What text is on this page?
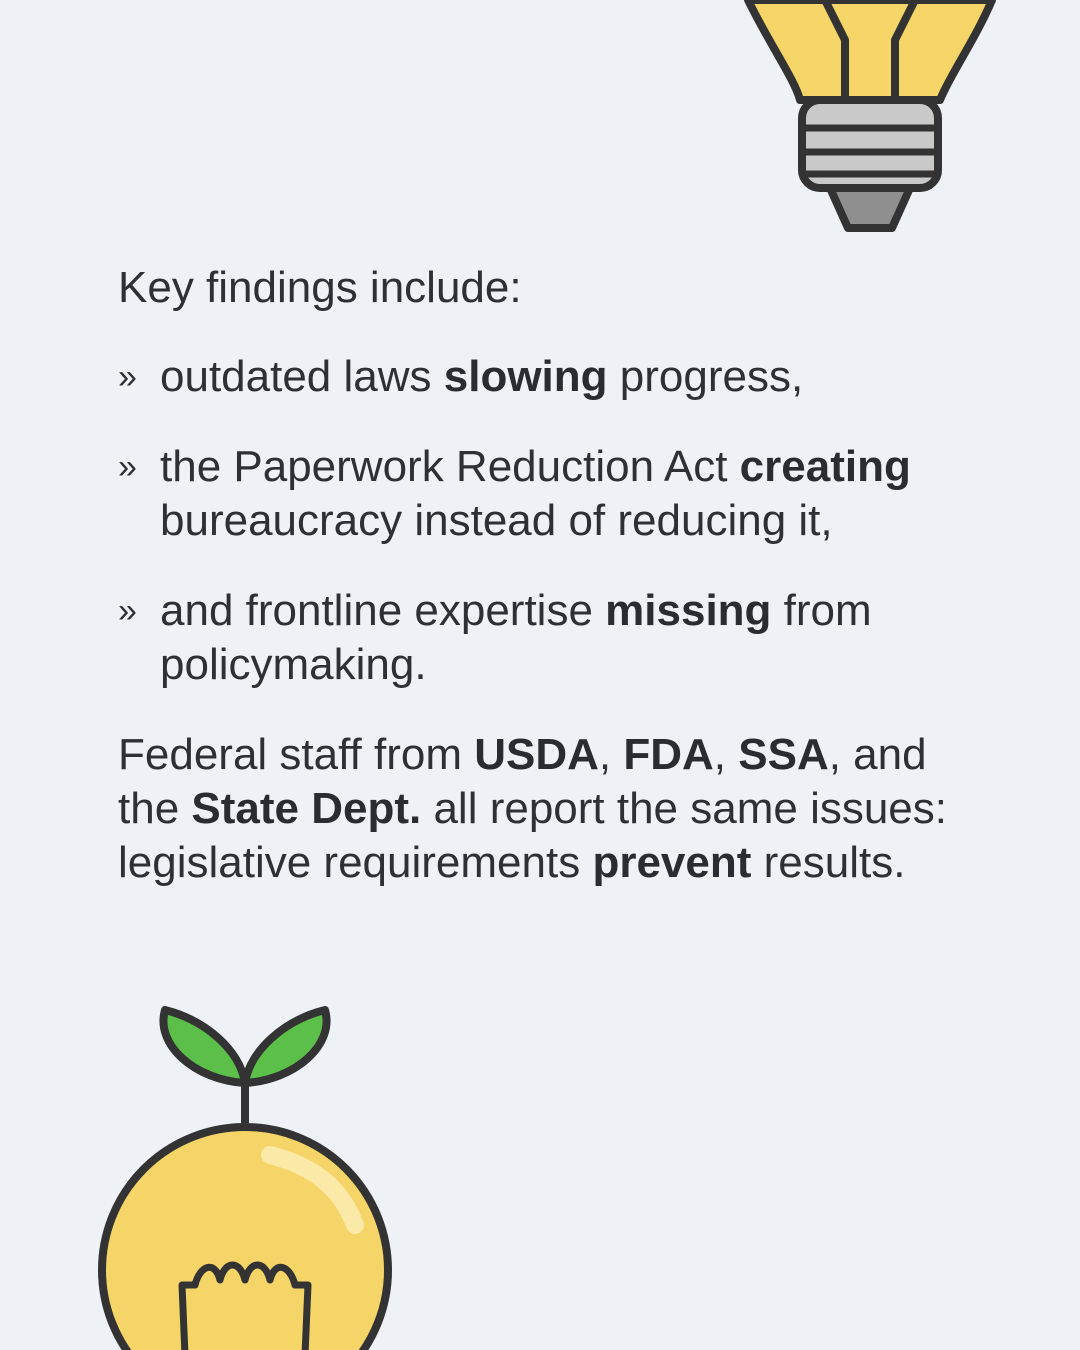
Key findings include:

» outdated laws slowing progress,
» the Paperwork Reduction Act creating bureaucracy instead of reducing it,
» and frontline expertise missing from policymaking.

Federal staff from USDA, FDA, SSA, and the State Dept. all report the same issues: legislative requirements prevent results.
